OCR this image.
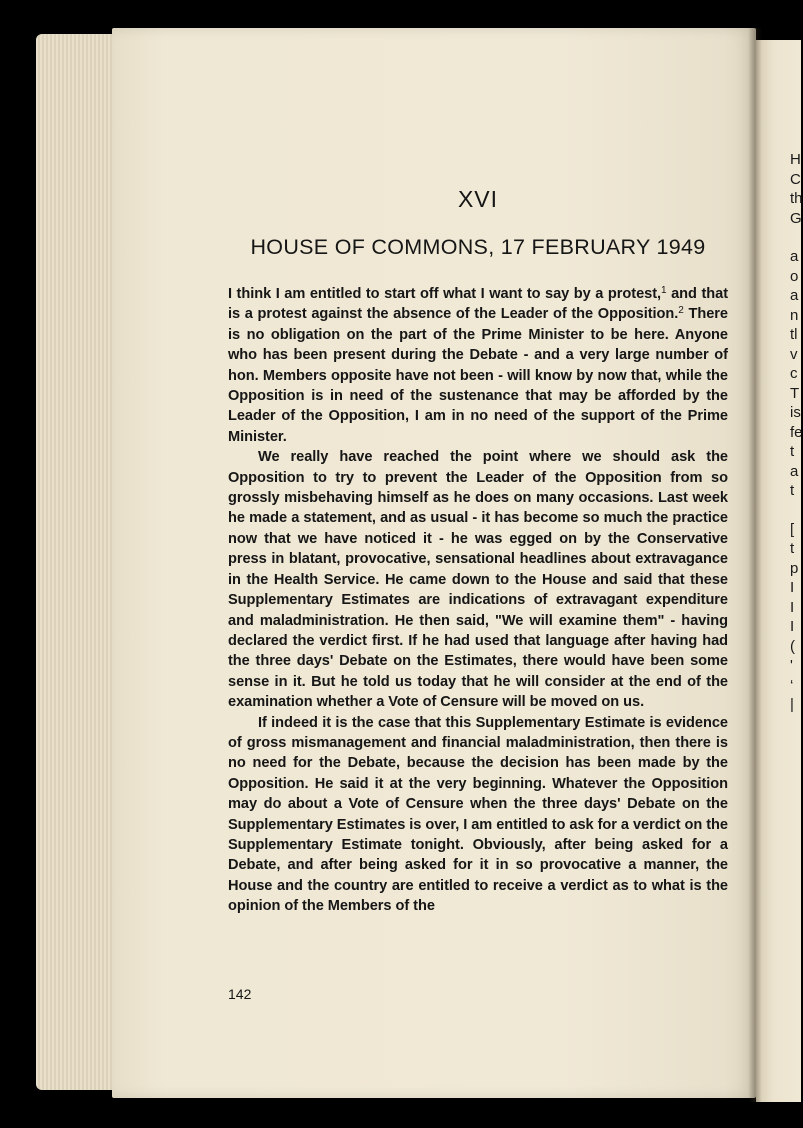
H
C
th
G
a
o
a
n
tl
v
c
T
is
fe
t
a
t
[
t
p
I
I
I
(
'
‘
|
XVI
HOUSE OF COMMONS, 17 FEBRUARY 1949

I think I am entitled to start off what I want to say by a protest,$^1$ and that is a protest against the absence of the Leader of the Opposition.$^2$ There is no obligation on the part of the Prime Minister to be here. Anyone who has been present during the Debate - and a very large number of hon. Members opposite have not been - will know by now that, while the Opposition is in need of the sustenance that may be afforded by the Leader of the Opposition, I am in no need of the support of the Prime Minister.

We really have reached the point where we should ask the Opposition to try to prevent the Leader of the Opposition from so grossly misbehaving himself as he does on many occasions. Last week he made a statement, and as usual - it has become so much the practice now that we have noticed it - he was egged on by the Conservative press in blatant, provocative, sensational headlines about extravagance in the Health Service. He came down to the House and said that these Supplementary Estimates are indications of extravagant expenditure and maladministration. He then said, "We will examine them" - having declared the verdict first. If he had used that language after having had the three days' Debate on the Estimates, there would have been some sense in it. But he told us today that he will consider at the end of the examination whether a Vote of Censure will be moved on us.

If indeed it is the case that this Supplementary Estimate is evidence of gross mismanagement and financial maladministration, then there is no need for the Debate, because the decision has been made by the Opposition. He said it at the very beginning. Whatever the Opposition may do about a Vote of Censure when the three days' Debate on the Supplementary Estimates is over, I am entitled to ask for a verdict on the Supplementary Estimate tonight. Obviously, after being asked for a Debate, and after being asked for it in so provocative a manner, the House and the country are entitled to receive a verdict as to what is the opinion of the Members of the

142
